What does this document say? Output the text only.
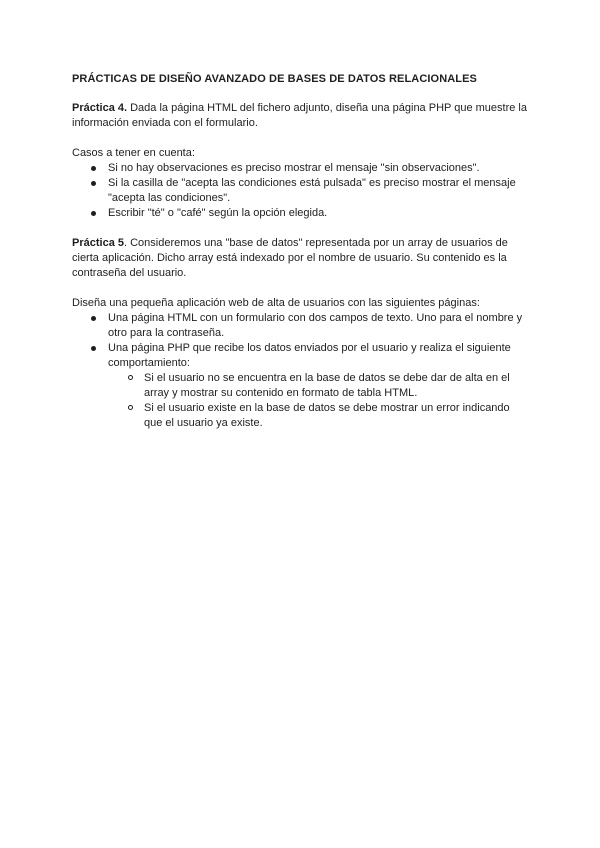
PRÁCTICAS DE DISEÑO AVANZADO DE BASES DE DATOS RELACIONALES

Práctica 4. Dada la página HTML del fichero adjunto, diseña una página PHP que muestre la información enviada con el formulario.

Casos a tener en cuenta:

Si no hay observaciones es preciso mostrar el mensaje "sin observaciones".
Si la casilla de "acepta las condiciones está pulsada" es preciso mostrar el mensaje "acepta las condiciones".
Escribir "té" o "café" según la opción elegida.

Práctica 5. Consideremos una "base de datos" representada por un array de usuarios de cierta aplicación. Dicho array está indexado por el nombre de usuario. Su contenido es la contraseña del usuario.

Diseña una pequeña aplicación web de alta de usuarios con las siguientes páginas:

Una página HTML con un formulario con dos campos de texto. Uno para el nombre y otro para la contraseña.
Una página PHP que recibe los datos enviados por el usuario y realiza el siguiente comportamiento:
Si el usuario no se encuentra en la base de datos se debe dar de alta en el array y mostrar su contenido en formato de tabla HTML.
Si el usuario existe en la base de datos se debe mostrar un error indicando que el usuario ya existe.
